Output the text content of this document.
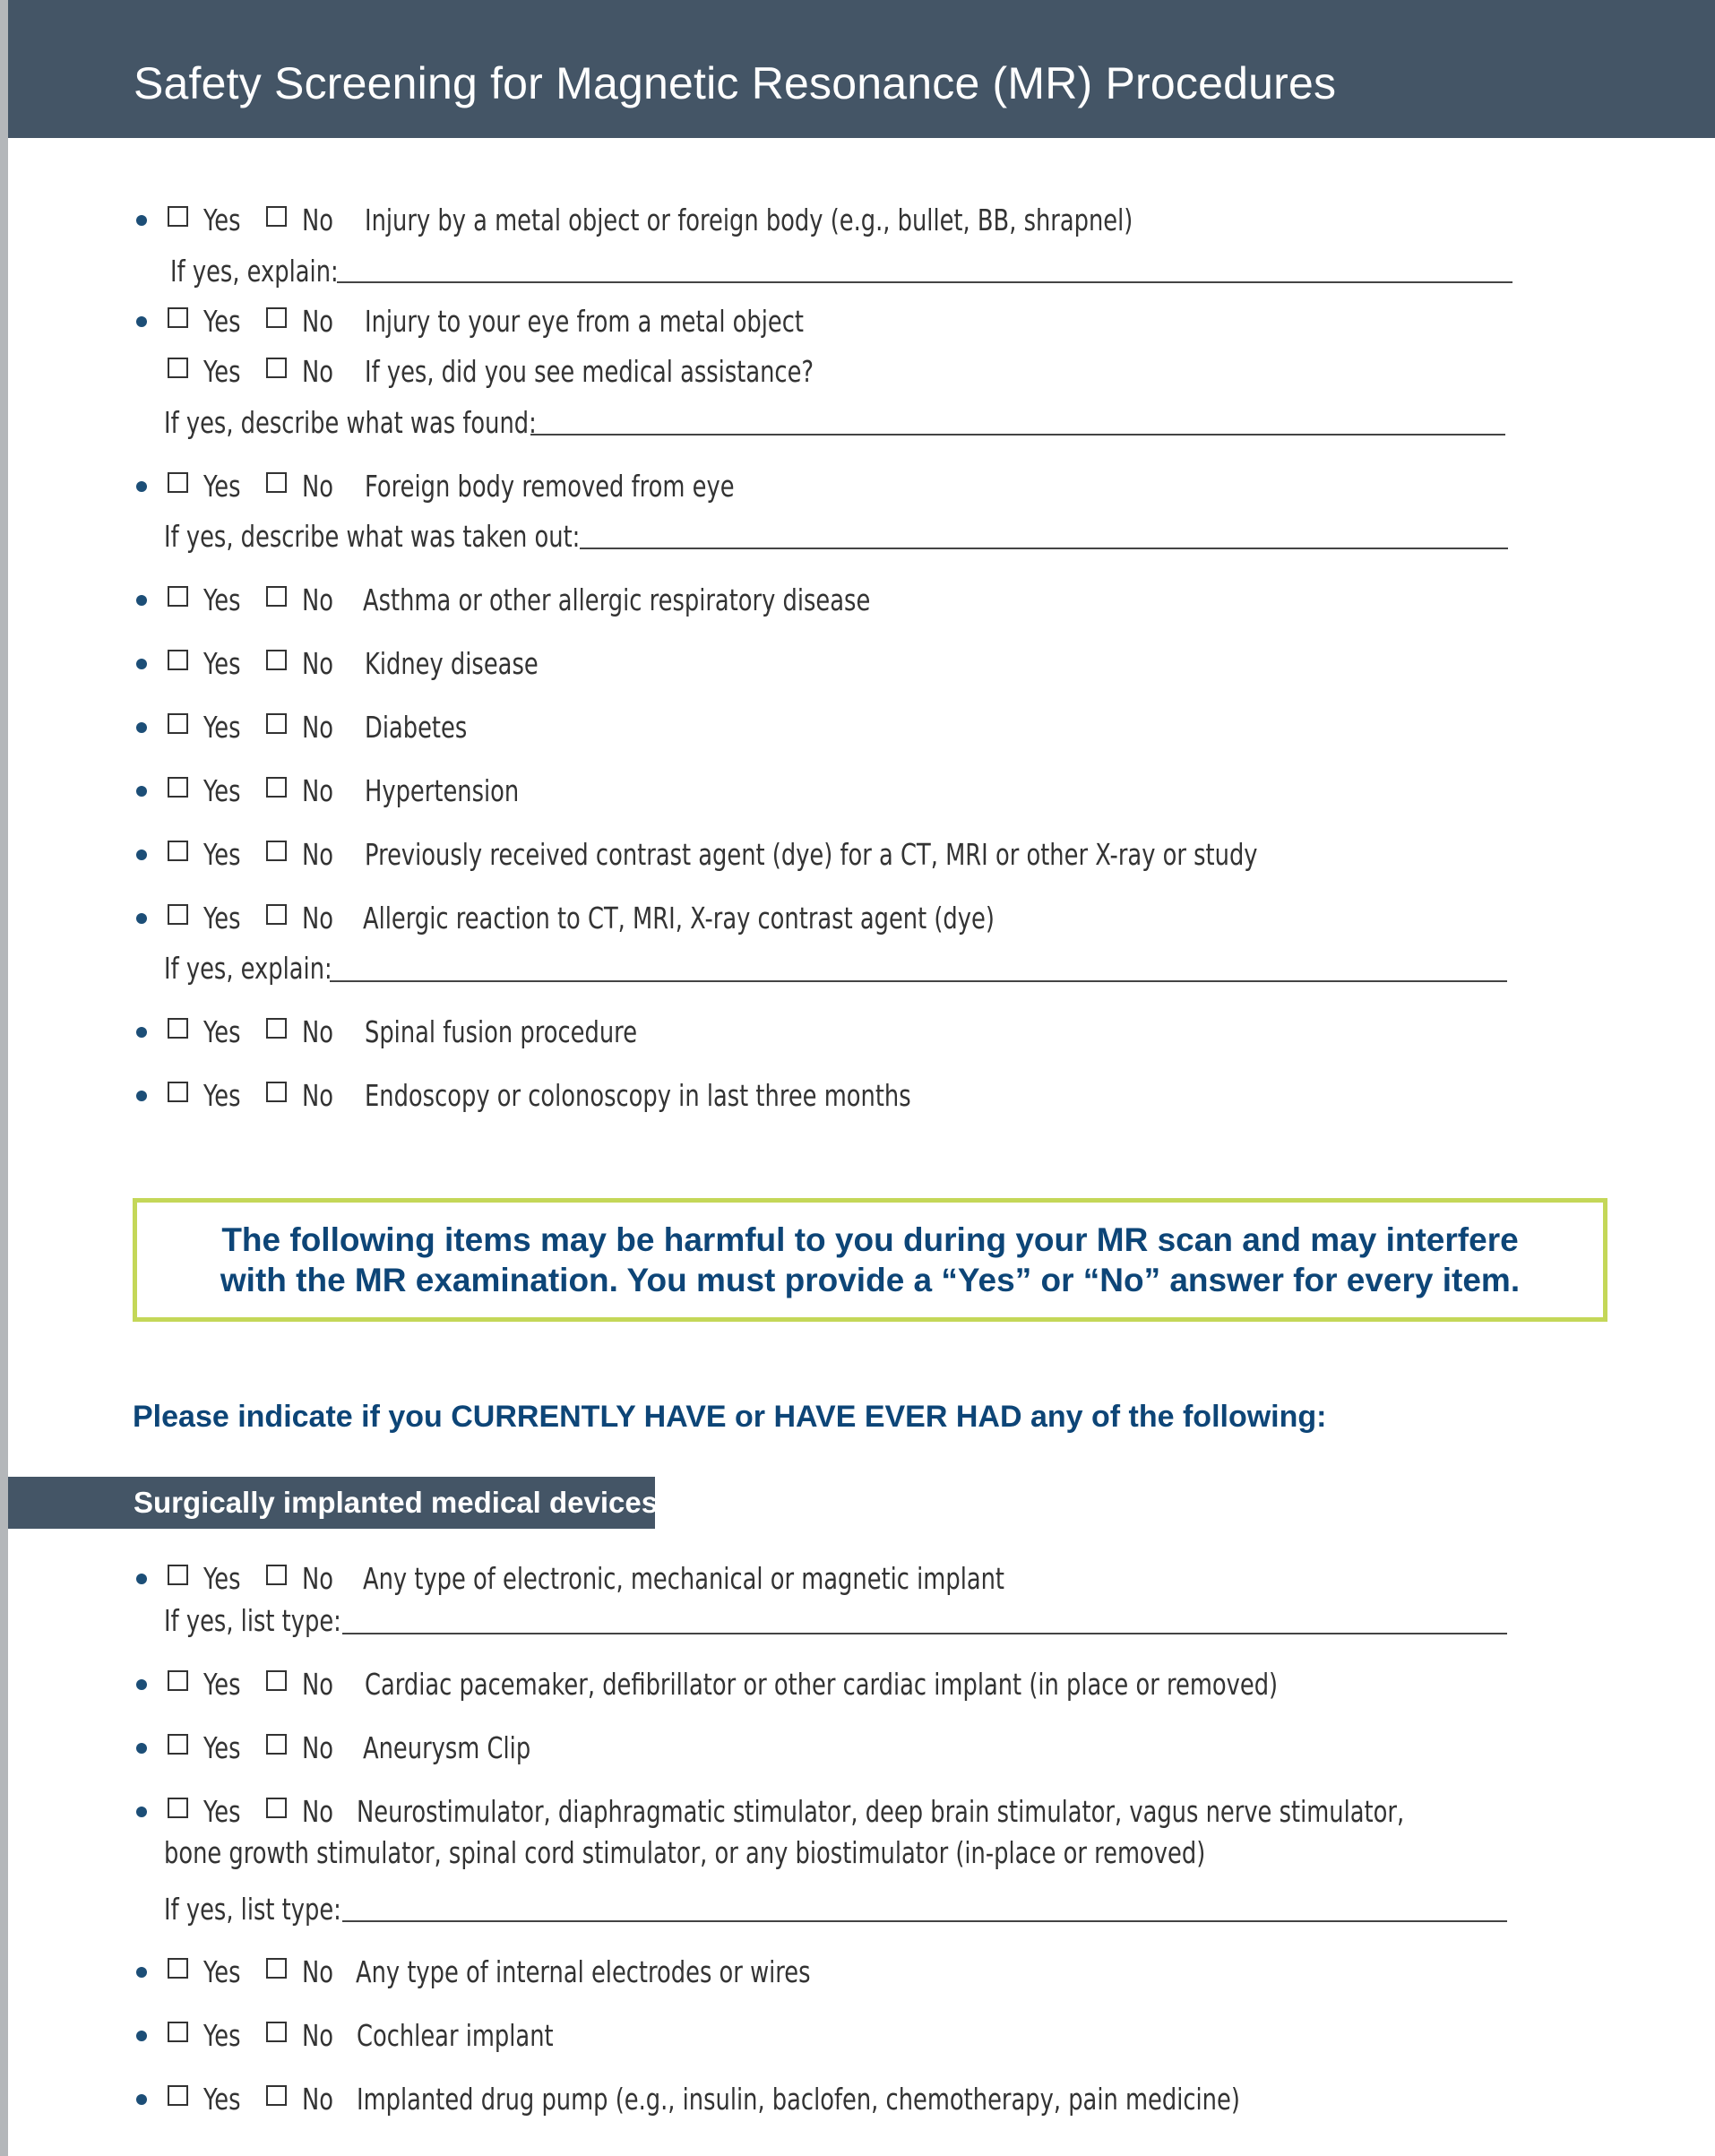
Safety Screening for Magnetic Resonance (MR) Procedures
Yes No Injury by a metal object or foreign body (e.g., bullet, BB, shrapnel)
If yes, explain:
Yes No Injury to your eye from a metal object
Yes No If yes, did you see medical assistance?
If yes, describe what was found:
Yes No Foreign body removed from eye
If yes, describe what was taken out:
Yes No Asthma or other allergic respiratory disease
Yes No Kidney disease
Yes No Diabetes
Yes No Hypertension
Yes No Previously received contrast agent (dye) for a CT, MRI or other X-ray or study
Yes No Allergic reaction to CT, MRI, X-ray contrast agent (dye)
If yes, explain:
Yes No Spinal fusion procedure
Yes No Endoscopy or colonoscopy in last three months
The following items may be harmful to you during your MR scan and may interfere
with the MR examination. You must provide a “Yes” or “No” answer for every item.
Please indicate if you CURRENTLY HAVE or HAVE EVER HAD any of the following:
Surgically implanted medical devices
Yes No Any type of electronic, mechanical or magnetic implant
If yes, list type:
Yes No Cardiac pacemaker, defibrillator or other cardiac implant (in place or removed)
Yes No Aneurysm Clip
Yes No Neurostimulator, diaphragmatic stimulator, deep brain stimulator, vagus nerve stimulator,
bone growth stimulator, spinal cord stimulator, or any biostimulator (in-place or removed)
If yes, list type:
Yes No Any type of internal electrodes or wires
Yes No Cochlear implant
Yes No Implanted drug pump (e.g., insulin, baclofen, chemotherapy, pain medicine)
